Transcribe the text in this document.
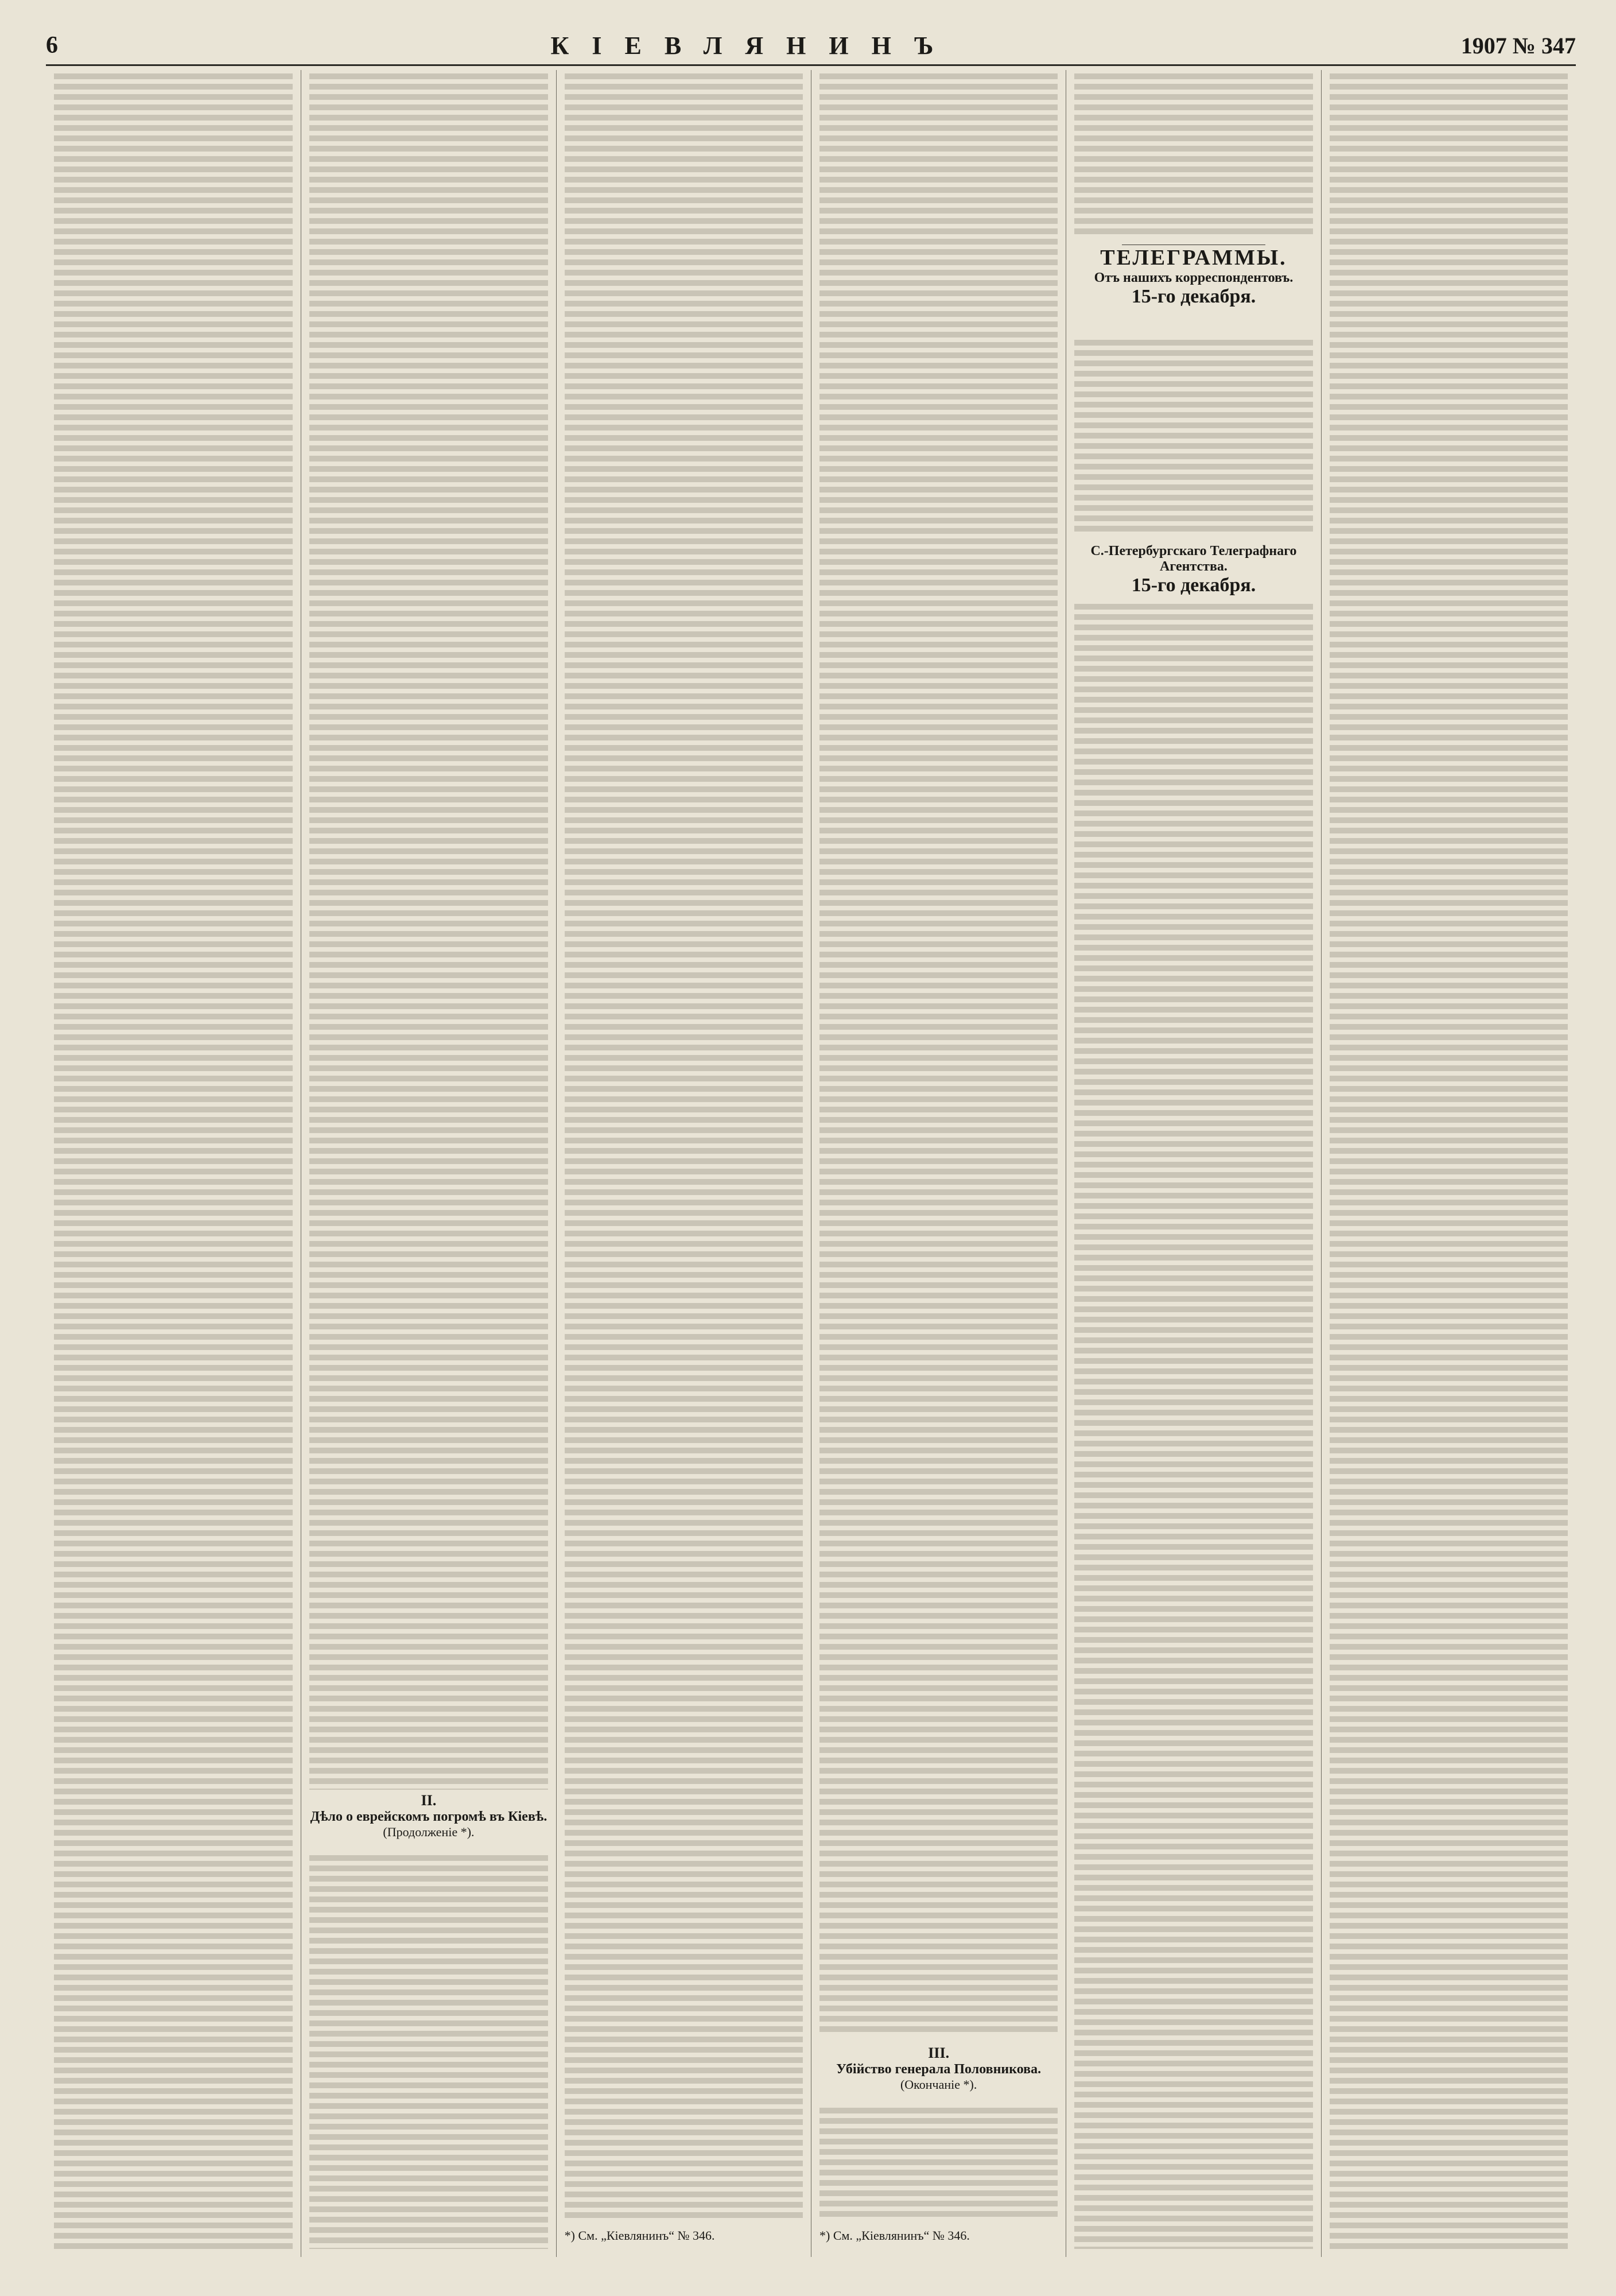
6	КІЕВЛЯНИНЪ	1907 № 347
II.
Дѣло о еврейскомъ погромѣ въ Кіевѣ.
(Продолженіе *).
*) См. „Кіевлянинъ“ № 346.
III.
Убійство генерала Половникова.
(Окончаніе *).
*) См. „Кіевлянинъ“ № 346.
ТЕЛЕГРАММЫ.
Отъ нашихъ корреспондентовъ.
15-го декабря.
С.-Петербургскаго Телеграфнаго Агентства.
15-го декабря.
